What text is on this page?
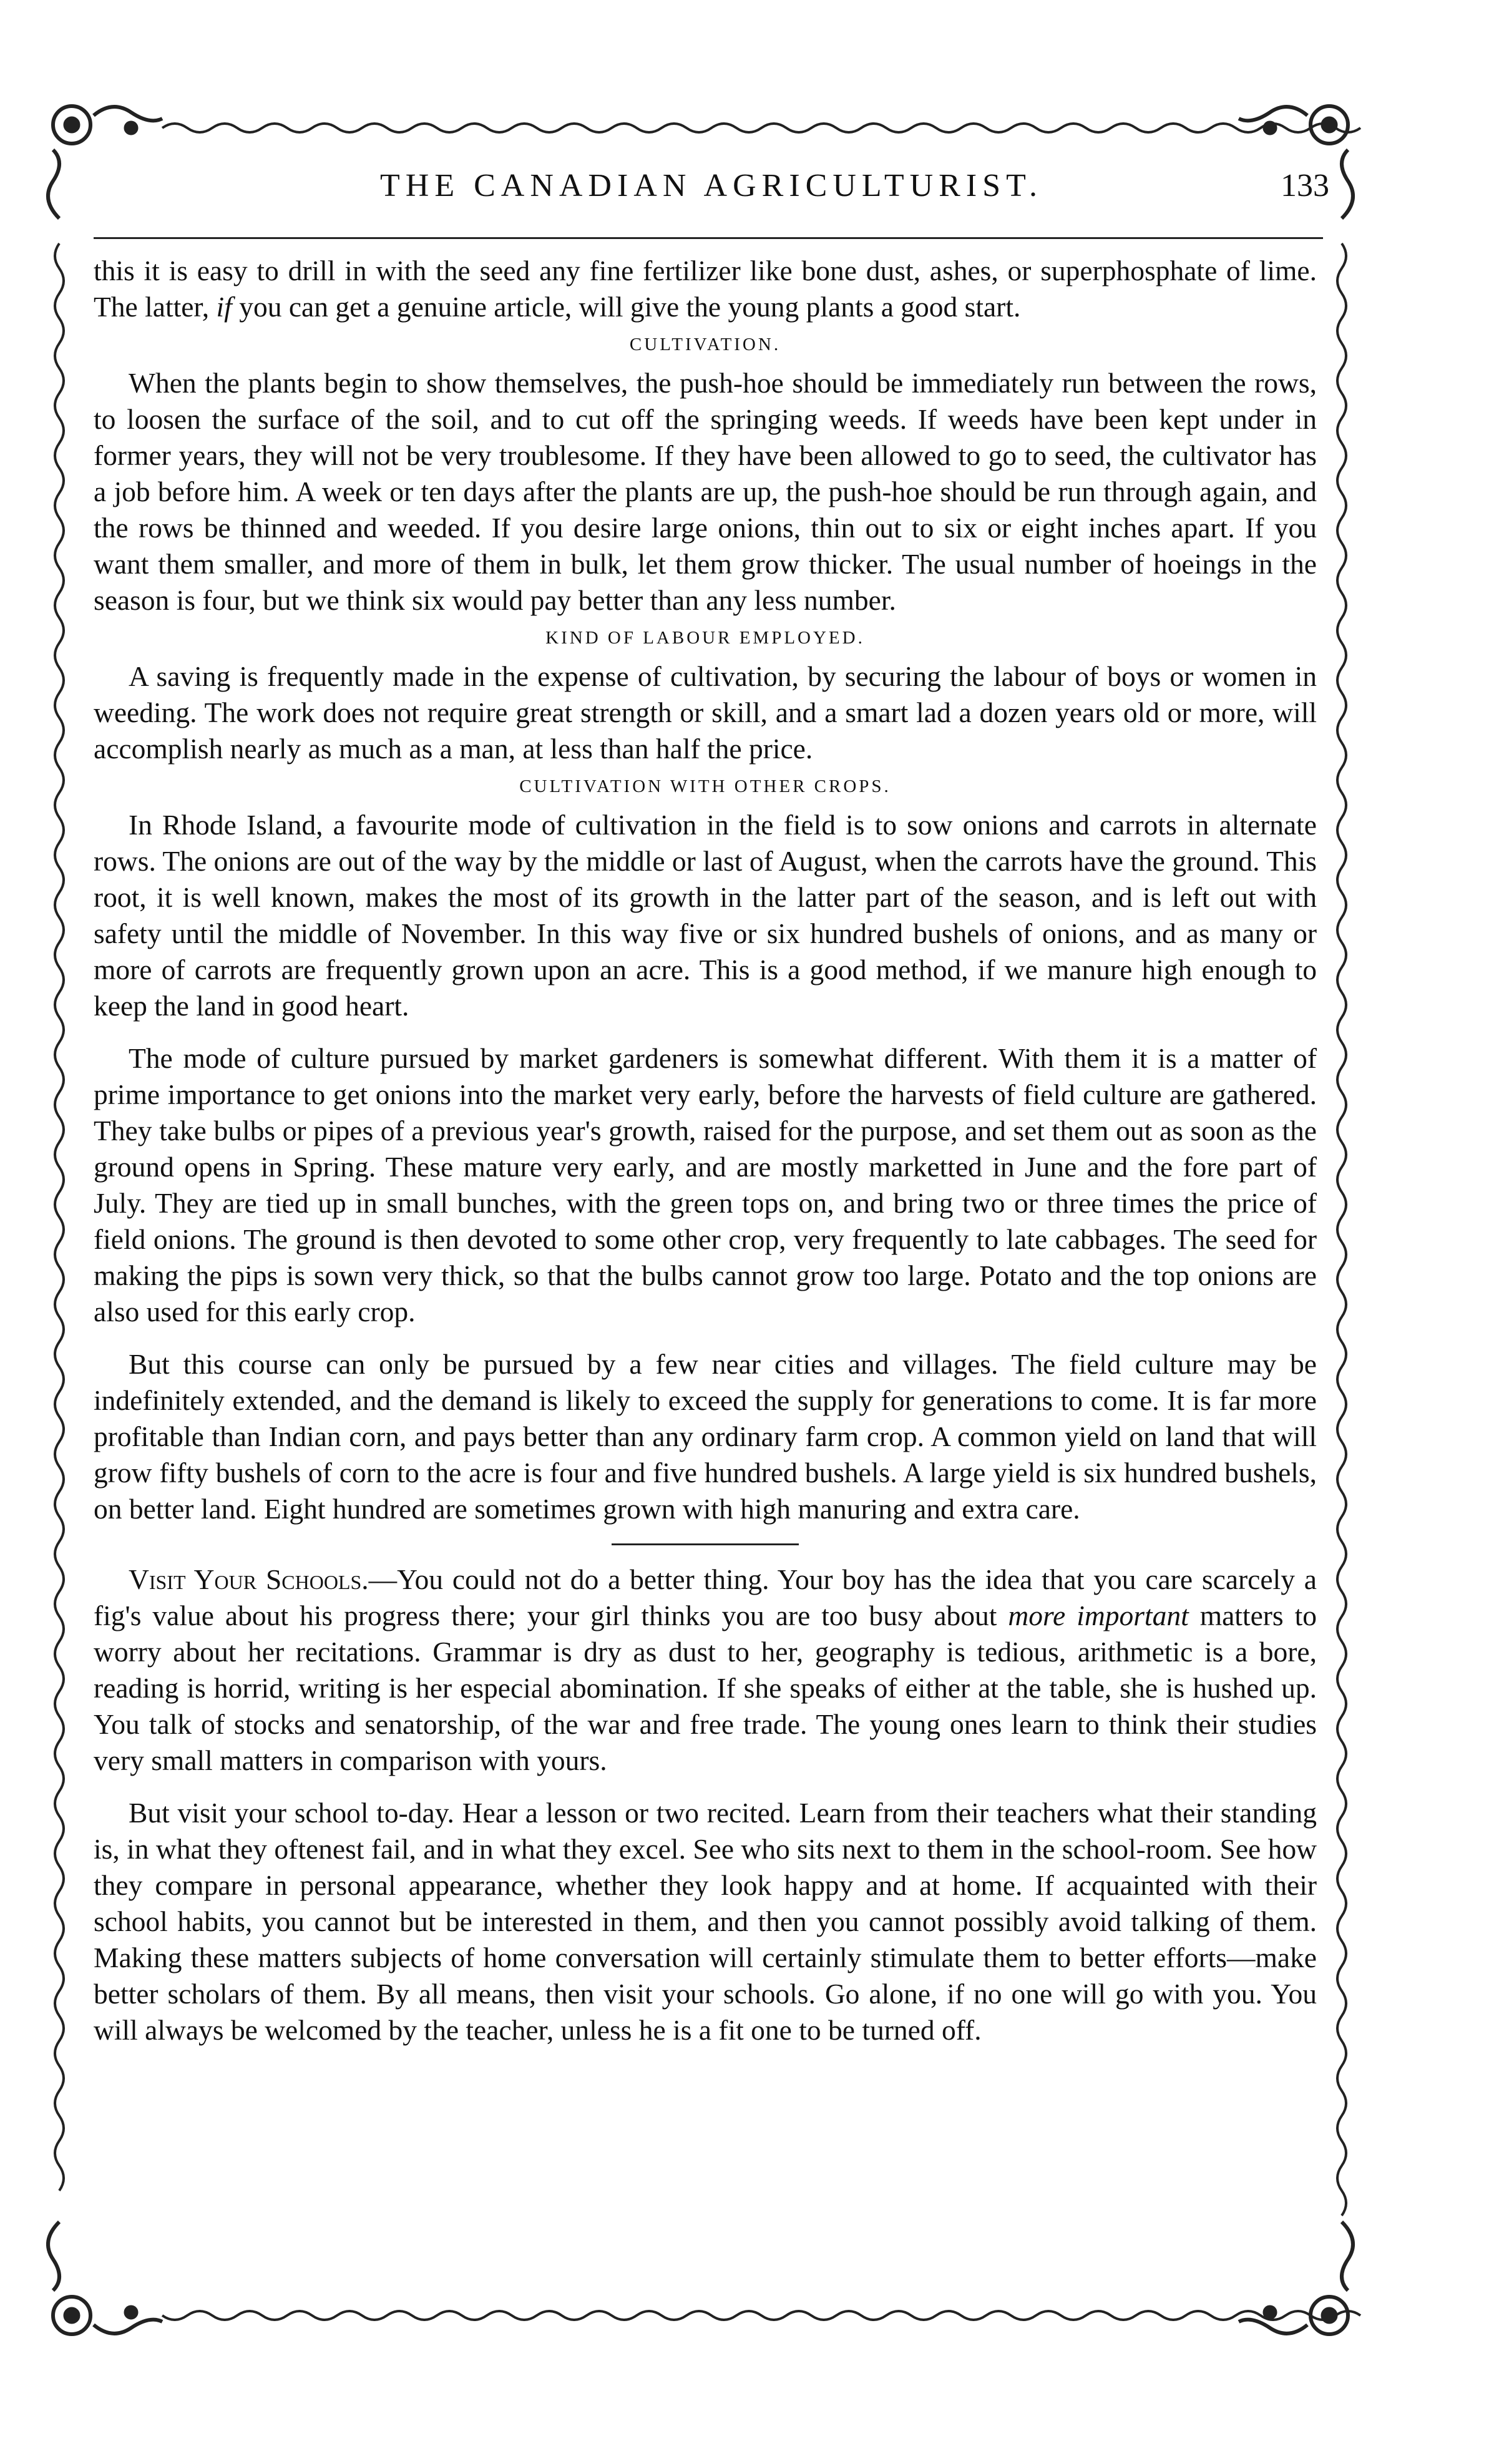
THE CANADIAN AGRICULTURIST.	133

this it is easy to drill in with the seed any fine fertilizer like bone dust, ashes, or superphosphate of lime. The latter, if you can get a genuine article, will give the young plants a good start.

CULTIVATION.

When the plants begin to show themselves, the push-hoe should be immediately run between the rows, to loosen the surface of the soil, and to cut off the springing weeds. If weeds have been kept under in former years, they will not be very troublesome. If they have been allowed to go to seed, the cultivator has a job before him. A week or ten days after the plants are up, the push-hoe should be run through again, and the rows be thinned and weeded. If you desire large onions, thin out to six or eight inches apart. If you want them smaller, and more of them in bulk, let them grow thicker. The usual number of hoeings in the season is four, but we think six would pay better than any less number.

KIND OF LABOUR EMPLOYED.

A saving is frequently made in the expense of cultivation, by securing the labour of boys or women in weeding. The work does not require great strength or skill, and a smart lad a dozen years old or more, will accomplish nearly as much as a man, at less than half the price.

CULTIVATION WITH OTHER CROPS.

In Rhode Island, a favourite mode of cultivation in the field is to sow onions and carrots in alternate rows. The onions are out of the way by the middle or last of August, when the carrots have the ground. This root, it is well known, makes the most of its growth in the latter part of the season, and is left out with safety until the middle of November. In this way five or six hundred bushels of onions, and as many or more of carrots are frequently grown upon an acre. This is a good method, if we manure high enough to keep the land in good heart.

The mode of culture pursued by market gardeners is somewhat different. With them it is a matter of prime importance to get onions into the market very early, before the harvests of field culture are gathered. They take bulbs or pipes of a previous year's growth, raised for the purpose, and set them out as soon as the ground opens in Spring. These mature very early, and are mostly marketted in June and the fore part of July. They are tied up in small bunches, with the green tops on, and bring two or three times the price of field onions. The ground is then devoted to some other crop, very frequently to late cabbages. The seed for making the pips is sown very thick, so that the bulbs cannot grow too large. Potato and the top onions are also used for this early crop.

But this course can only be pursued by a few near cities and villages. The field culture may be indefinitely extended, and the demand is likely to exceed the supply for generations to come. It is far more profitable than Indian corn, and pays better than any ordinary farm crop. A common yield on land that will grow fifty bushels of corn to the acre is four and five hundred bushels. A large yield is six hundred bushels, on better land. Eight hundred are sometimes grown with high manuring and extra care.

Visit Your Schools.—You could not do a better thing. Your boy has the idea that you care scarcely a fig's value about his progress there; your girl thinks you are too busy about more important matters to worry about her recitations. Grammar is dry as dust to her, geography is tedious, arithmetic is a bore, reading is horrid, writing is her especial abomination. If she speaks of either at the table, she is hushed up. You talk of stocks and senatorship, of the war and free trade. The young ones learn to think their studies very small matters in comparison with yours.

But visit your school to-day. Hear a lesson or two recited. Learn from their teachers what their standing is, in what they oftenest fail, and in what they excel. See who sits next to them in the school-room. See how they compare in personal appearance, whether they look happy and at home. If acquainted with their school habits, you cannot but be interested in them, and then you cannot possibly avoid talking of them. Making these matters subjects of home conversation will certainly stimulate them to better efforts—make better scholars of them. By all means, then visit your schools. Go alone, if no one will go with you. You will always be welcomed by the teacher, unless he is a fit one to be turned off.
